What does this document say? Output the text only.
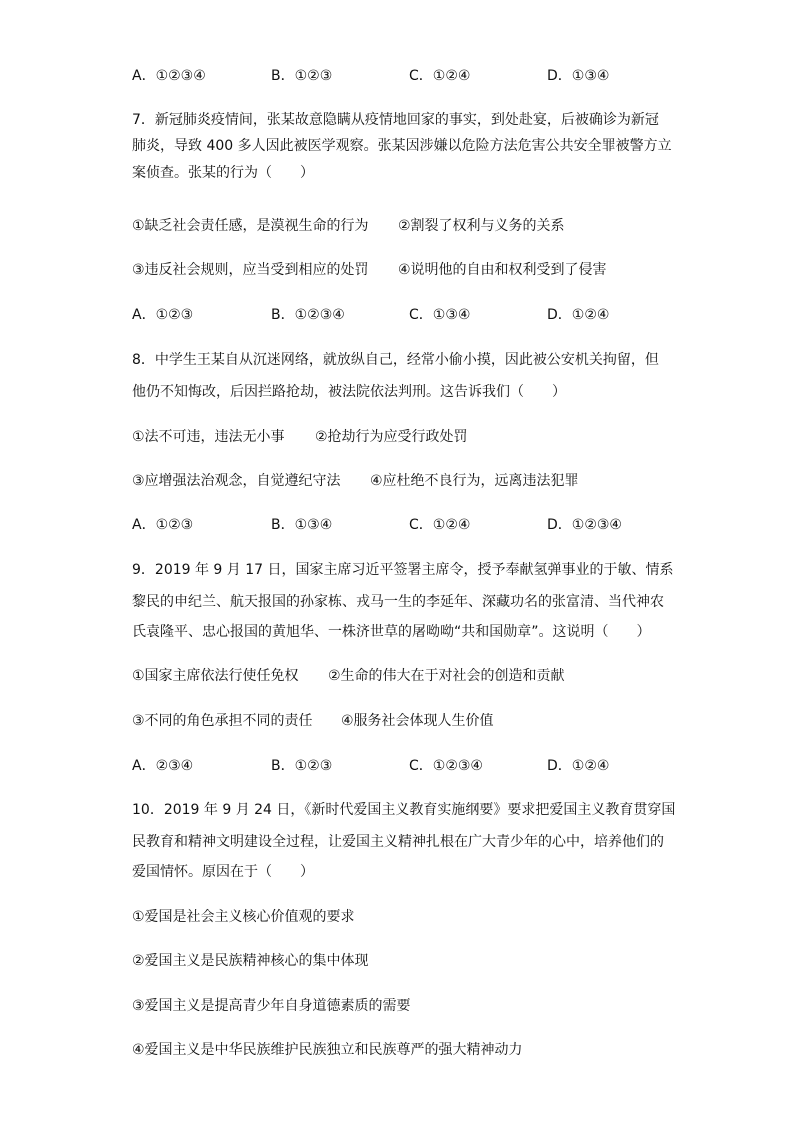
A．①②③④	B．①②③	C．①②④	D．①③④
7．新冠肺炎疫情间，张某故意隐瞒从疫情地回家的事实，到处赴宴，后被确诊为新冠
肺炎，导致 400 多人因此被医学观察。张某因涉嫌以危险方法危害公共安全罪被警方立
案侦查。张某的行为（　　）
①缺乏社会责任感，是漠视生命的行为 ②割裂了权利与义务的关系
③违反社会规则，应当受到相应的处罚 ④说明他的自由和权利受到了侵害
A．①②③	B．①②③④	C．①③④	D．①②④
8．中学生王某自从沉迷网络，就放纵自己，经常小偷小摸，因此被公安机关拘留，但
他仍不知悔改，后因拦路抢劫，被法院依法判刑。这告诉我们（　　）
①法不可违，违法无小事 ②抢劫行为应受行政处罚
③应增强法治观念，自觉遵纪守法 ④应杜绝不良行为，远离违法犯罪
A．①②③	B．①③④	C．①②④	D．①②③④
9．2019 年 9 月 17 日，国家主席习近平签署主席令，授予奉献氢弹事业的于敏、情系
黎民的申纪兰、航天报国的孙家栋、戎马一生的李延年、深藏功名的张富清、当代神农
氏袁隆平、忠心报国的黄旭华、一株济世草的屠呦呦“共和国勋章”。这说明（　　）
①国家主席依法行使任免权 ②生命的伟大在于对社会的创造和贡献
③不同的角色承担不同的责任 ④服务社会体现人生价值
A．②③④	B．①②③	C．①②③④	D．①②④
10．2019 年 9 月 24 日，《新时代爱国主义教育实施纲要》要求把爱国主义教育贯穿国
民教育和精神文明建设全过程，让爱国主义精神扎根在广大青少年的心中，培养他们的
爱国情怀。原因在于（　　）
①爱国是社会主义核心价值观的要求
②爱国主义是民族精神核心的集中体现
③爱国主义是提高青少年自身道德素质的需要
④爱国主义是中华民族维护民族独立和民族尊严的强大精神动力
